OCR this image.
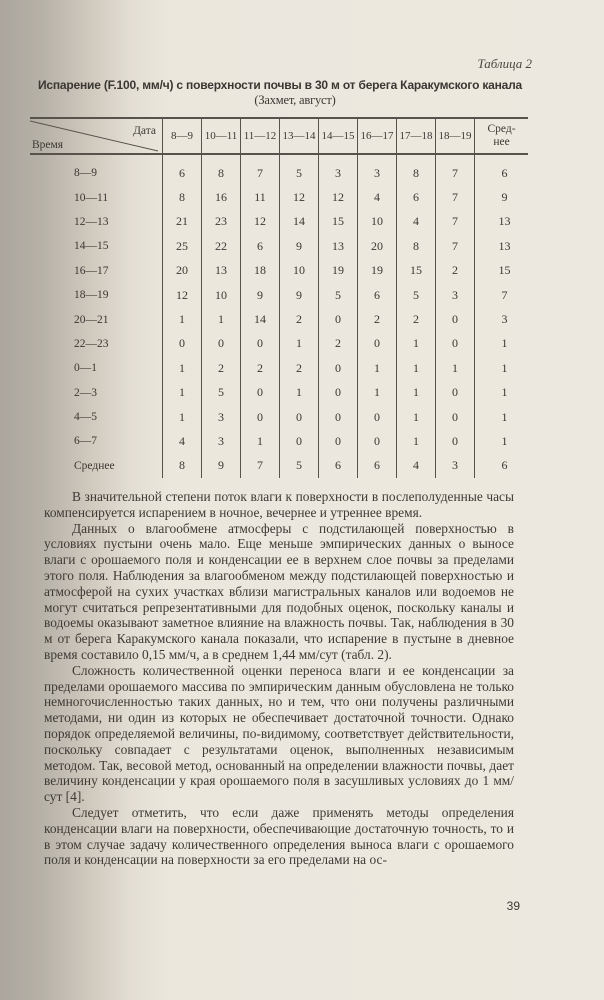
Таблица 2
Испарение (F.100, мм/ч) с поверхности почвы в 30 м от берега Каракумского канала
(Захмет, август)
Дата
Время	8—9	10—11	11—12	13—14	14—15	16—17	17—18	18—19	Сред-
нее
8—9	6	8	7	5	3	3	8	7	6
10—11	8	16	11	12	12	4	6	7	9
12—13	21	23	12	14	15	10	4	7	13
14—15	25	22	6	9	13	20	8	7	13
16—17	20	13	18	10	19	19	15	2	15
18—19	12	10	9	9	5	6	5	3	7
20—21	1	1	14	2	0	2	2	0	3
22—23	0	0	0	1	2	0	1	0	1
0—1	1	2	2	2	0	1	1	1	1
2—3	1	5	0	1	0	1	1	0	1
4—5	1	3	0	0	0	0	1	0	1
6—7	4	3	1	0	0	0	1	0	1
Среднее	8	9	7	5	6	6	4	3	6

В значительной степени поток влаги к поверхности в послеполуденные часы компенсируется испарением в ночное, вечернее и утреннее время.

Данных о влагообмене атмосферы с подстилающей поверхностью в условиях пустыни очень мало. Еще меньше эмпирических данных о выносе влаги с орошаемого поля и конденсации ее в верхнем слое почвы за пределами этого поля. Наблюдения за влагообменом между подстилающей поверхностью и атмосферой на сухих участках вблизи магистральных каналов или водоемов не могут считаться репрезентативными для подобных оценок, поскольку каналы и водоемы оказывают заметное влияние на влажность почвы. Так, наблюдения в 30 м от берега Каракумского канала показали, что испарение в пустыне в дневное время составило 0,15 мм/ч, а в среднем 1,44 мм/сут (табл. 2).

Сложность количественной оценки переноса влаги и ее конденсации за пределами орошаемого массива по эмпирическим данным обусловлена не только немногочисленностью таких данных, но и тем, что они получены различными методами, ни один из которых не обеспечивает достаточной точности. Однако порядок определяемой величины, по-видимому, соответствует действительности, поскольку совпадает с результатами оценок, выполненных независимым методом. Так, весовой метод, основанный на определении влажности почвы, дает величину конденсации у края орошаемого поля в засушливых условиях до 1 мм/сут [4].

Следует отметить, что если даже применять методы определения конденсации влаги на поверхности, обеспечивающие достаточную точность, то и в этом случае задачу количественного определения выноса влаги с орошаемого поля и конденсации на поверхности за его пределами на ос-

39
